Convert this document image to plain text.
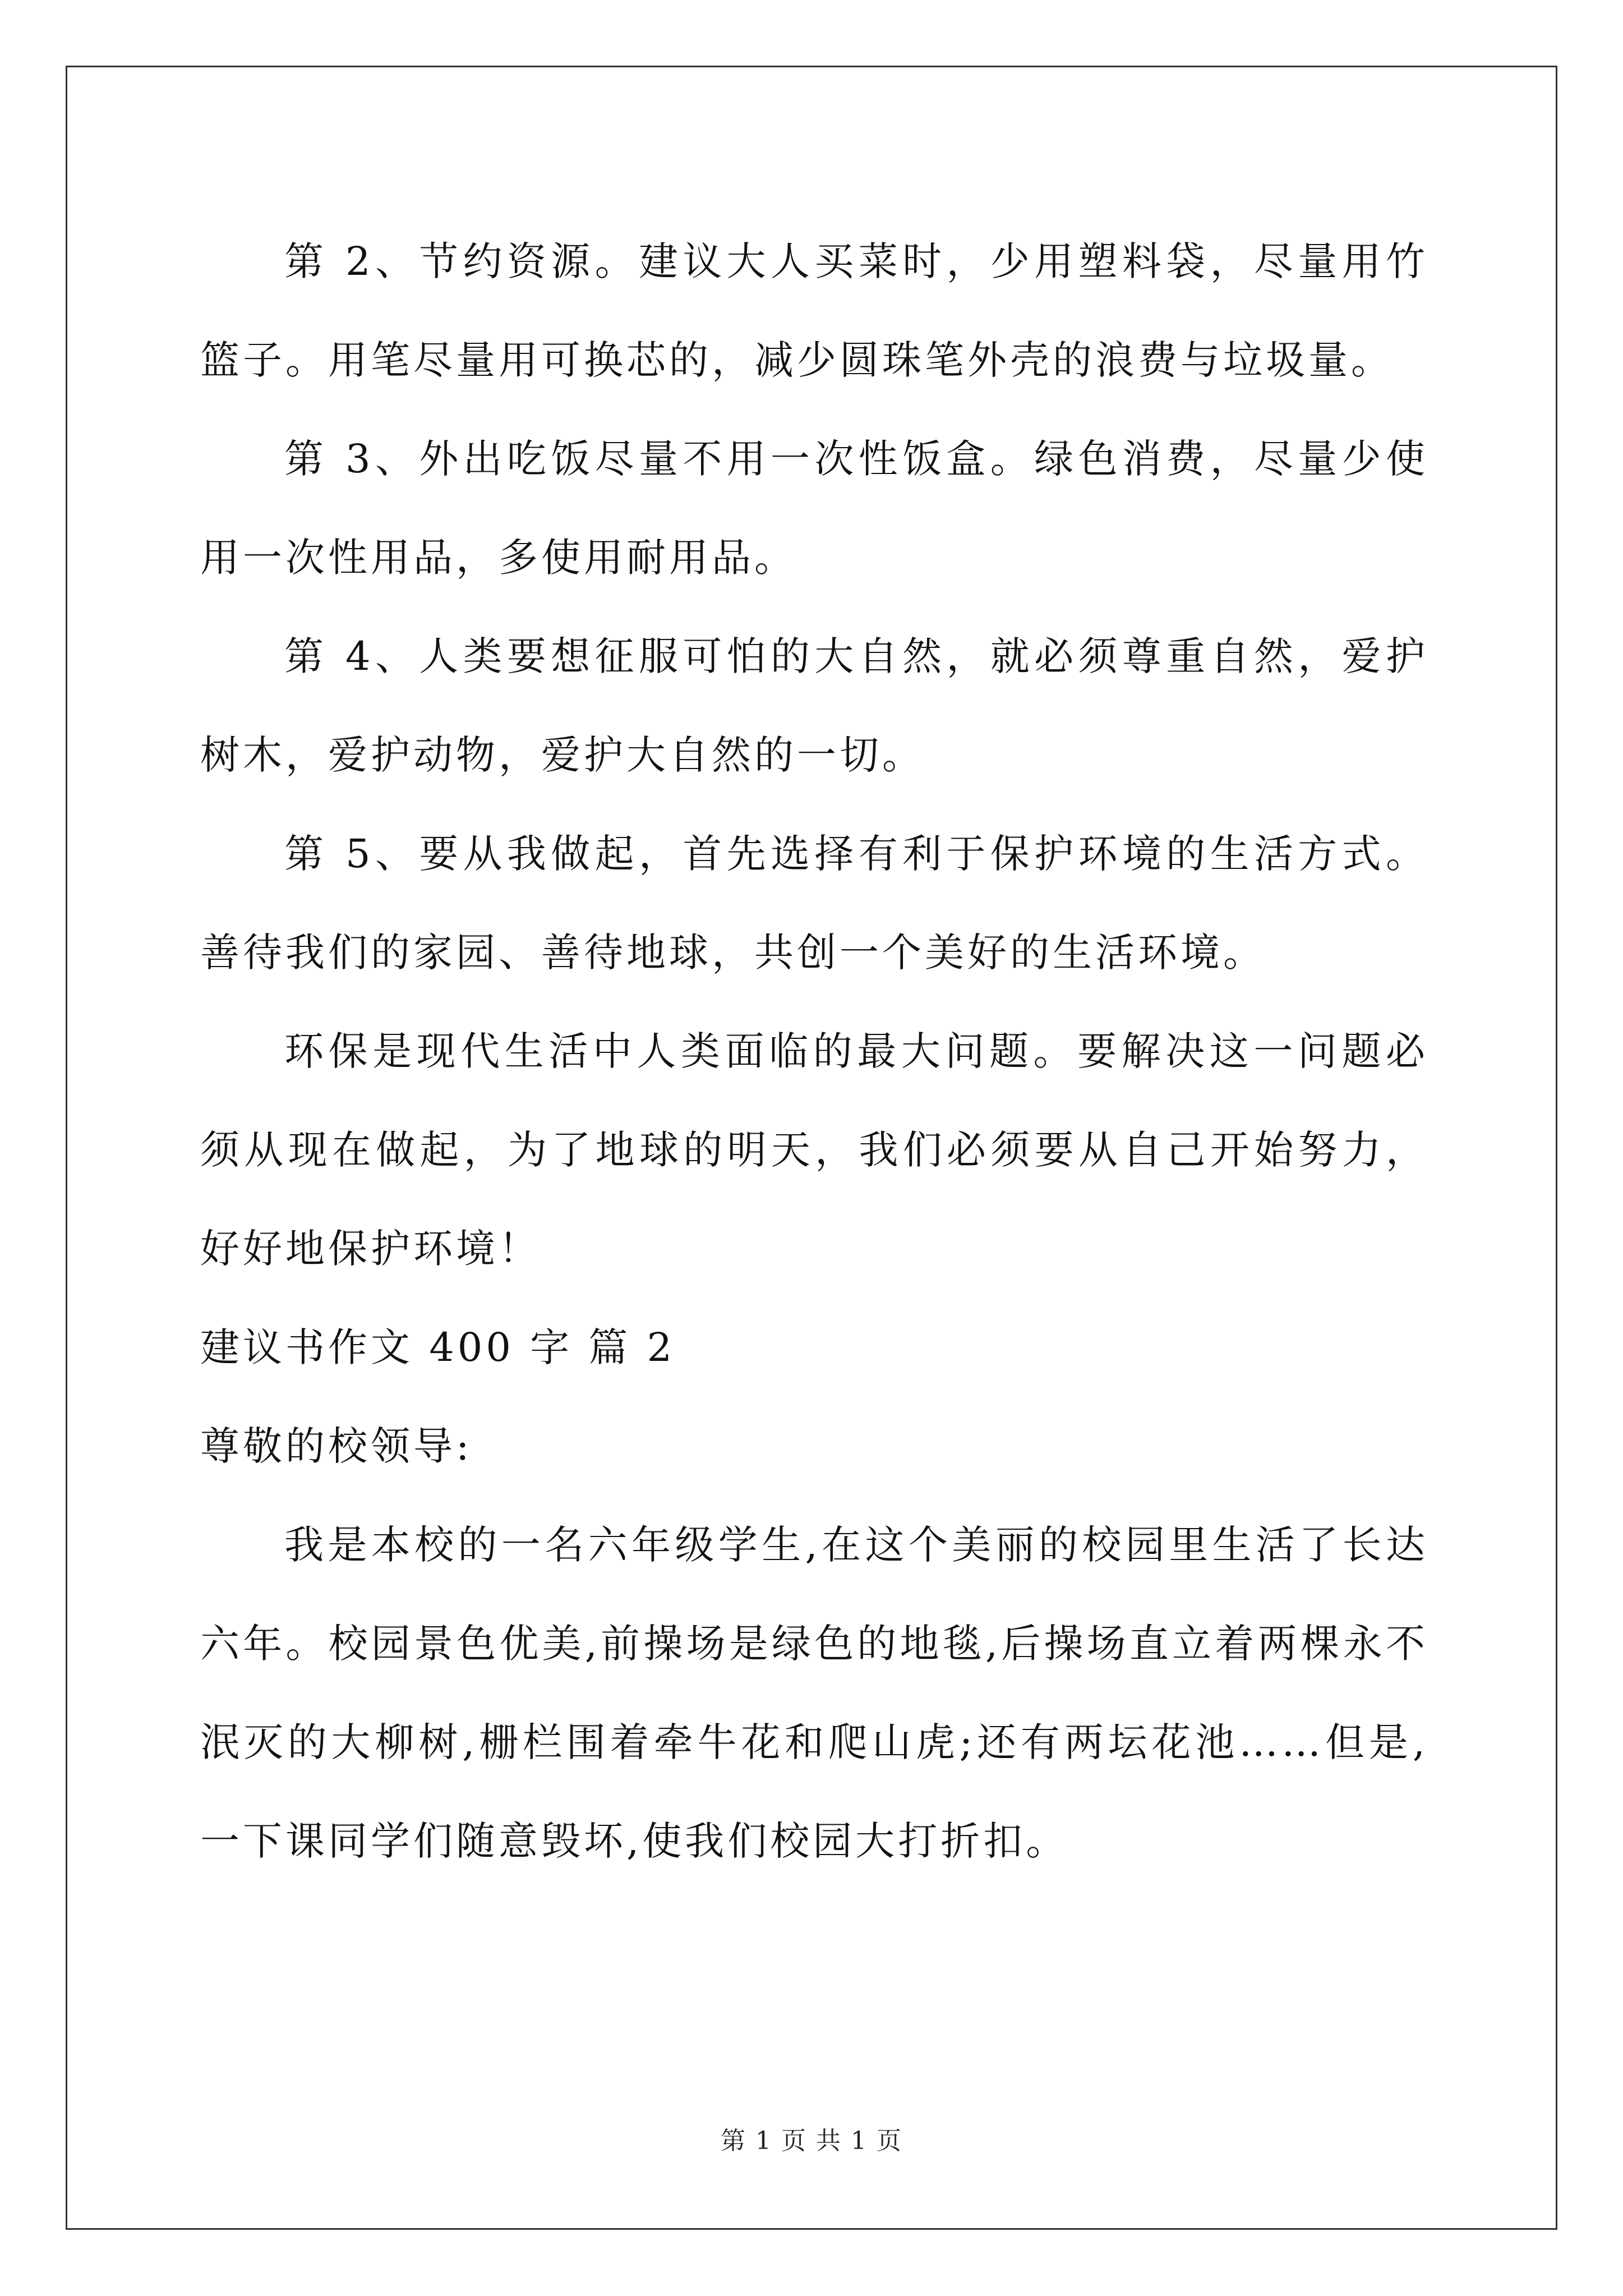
第 2、节约资源。建议大人买菜时，少用塑料袋，尽量用竹篮子。用笔尽量用可换芯的，减少圆珠笔外壳的浪费与垃圾量。

第 3、外出吃饭尽量不用一次性饭盒。绿色消费，尽量少使用一次性用品，多使用耐用品。

第 4、人类要想征服可怕的大自然，就必须尊重自然，爱护树木，爱护动物，爱护大自然的一切。

第 5、要从我做起，首先选择有利于保护环境的生活方式。善待我们的家园、善待地球，共创一个美好的生活环境。

环保是现代生活中人类面临的最大问题。要解决这一问题必须从现在做起，为了地球的明天，我们必须要从自己开始努力，好好地保护环境！

建议书作文 400 字 篇 2

尊敬的校领导:

我是本校的一名六年级学生,在这个美丽的校园里生活了长达六年。校园景色优美,前操场是绿色的地毯,后操场直立着两棵永不泯灭的大柳树,栅栏围着牵牛花和爬山虎;还有两坛花池……但是,一下课同学们随意毁坏,使我们校园大打折扣。

第 1 页 共 1 页
